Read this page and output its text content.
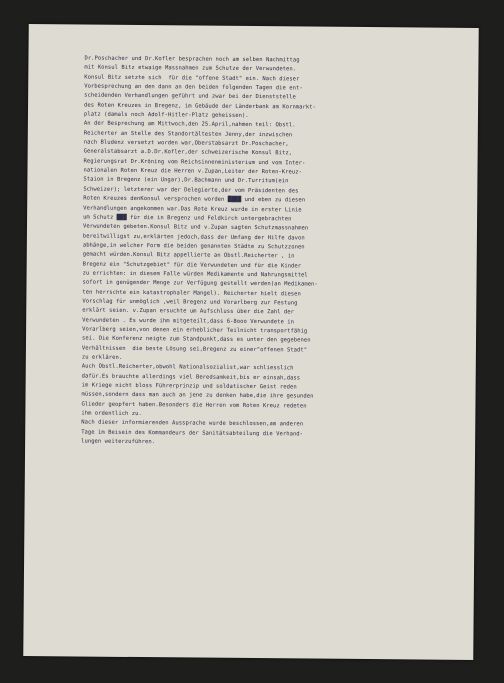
Dr.Poschacher und Dr.Kofler besprachen noch am selben Nachmittag
mit Konsul Bitz etwaige Massnahmen zum Schutze der Verwundeten.
Konsul Bitz setzte sich  für die "offene Stadt" ein. Nach dieser
Vorbesprechung an den dann an den beiden folgenden Tagen die ent-
scheidenden Verhandlungen geführt und zwar bei der Dienststelle
des Roten Kreuzes in Bregenz, im Gebäude der Länderbank am Kornmarkt-
platz (damals noch Adolf-Hitler-Platz geheissen).
An der Besprechung am Mittwoch,den 25.April,nahmen teil: Obstl.
Reicherter an Stelle des Standortältesten Jenny,der inzwischen
nach Bludenz versetzt worden war,Oberstabsarzt Dr.Poschacher,
Generalstabsarzt a.D.Dr.Kofler,der schweizerische Konsul Bitz,
Regierungsrat Dr.Kröning vom Reichsinnenministerium und vom Inter-
nationalen Roten Kreuz die Herren v.Zupan,Leiter der Roten-Kreuz-
Staion in Bregenz (ein Ungar),Dr.Bachmann und Dr.Turritum(ein
Schweizer); letzterer war der Delegierte,der vom Präsidenten des
Roten Kreuzes denKonsul versprochen worden ████ und eben zu diesen
Verhandlungen angekommen war.Das Rote Kreuz wurde in erster Linie
um Schutz ███ für die in Bregenz und Feldkirch untergebrachten
Verwundeten gebeten.Konsul Bitz und v.Zupan sagten Schutzmassnahmen
bereitwilligst zu,erklärten jedoch,dass der Umfang der Hilfe davon
abhänge,in welcher Form die beiden genannten Städte zu Schutzzonen
gemacht würden.Konsul Bitz appellierte an Obstl.Reicherter , in
Bregenz ein "Schutzgebiet" für die Verwundeten und für die Kinder
zu errichten: in diesem Falle würden Medikamente und Nahrungsmittel
sofort in genügender Menge zur Verfügung gestellt werden(an Medikamen-
ten herrschte ein katastrophaler Mangel). Reicherter hielt diesen
Vorschlag für unmöglich ,weil Bregenz und Vorarlberg zur Festung
erklärt seien. v.Zupan ersuchte um Aufschluss über die Zahl der
Verwundeten . Es wurde ihm mitgeteilt,dass 6-8ooo Verwundete in
Vorarlberg seien,von denen ein erheblicher Teilnicht transportfähig
sei. Die Konferenz neigte zum Standpunkt,dass es unter den gegebenen
Verhältnissen  die beste Lösung sei,Bregenz zu einer"offenen Stadt"
zu erklären.
Auch Obstl.Reicherter,obwohl Nationalsozialist,war schliesslich
dafür.Es brauchte allerdings viel Beredsamkeit,bis er einsah,dass
im Kriege nicht bloss Führerprinzip und soldatischer Geist reden
müssen,sondern dass man auch an jene zu denken habe,die ihre gesunden
Glieder geopfert haben.Besonders die Herren vom Roten Kreuz redeten
ihm ordentlich zu.
Nach dieser informierenden Aussprache wurde beschlossen,am anderen
Tage im Beisein des Kommandeurs der Sanitätsabteilung die Verhand-
lungen weiterzuführen.
